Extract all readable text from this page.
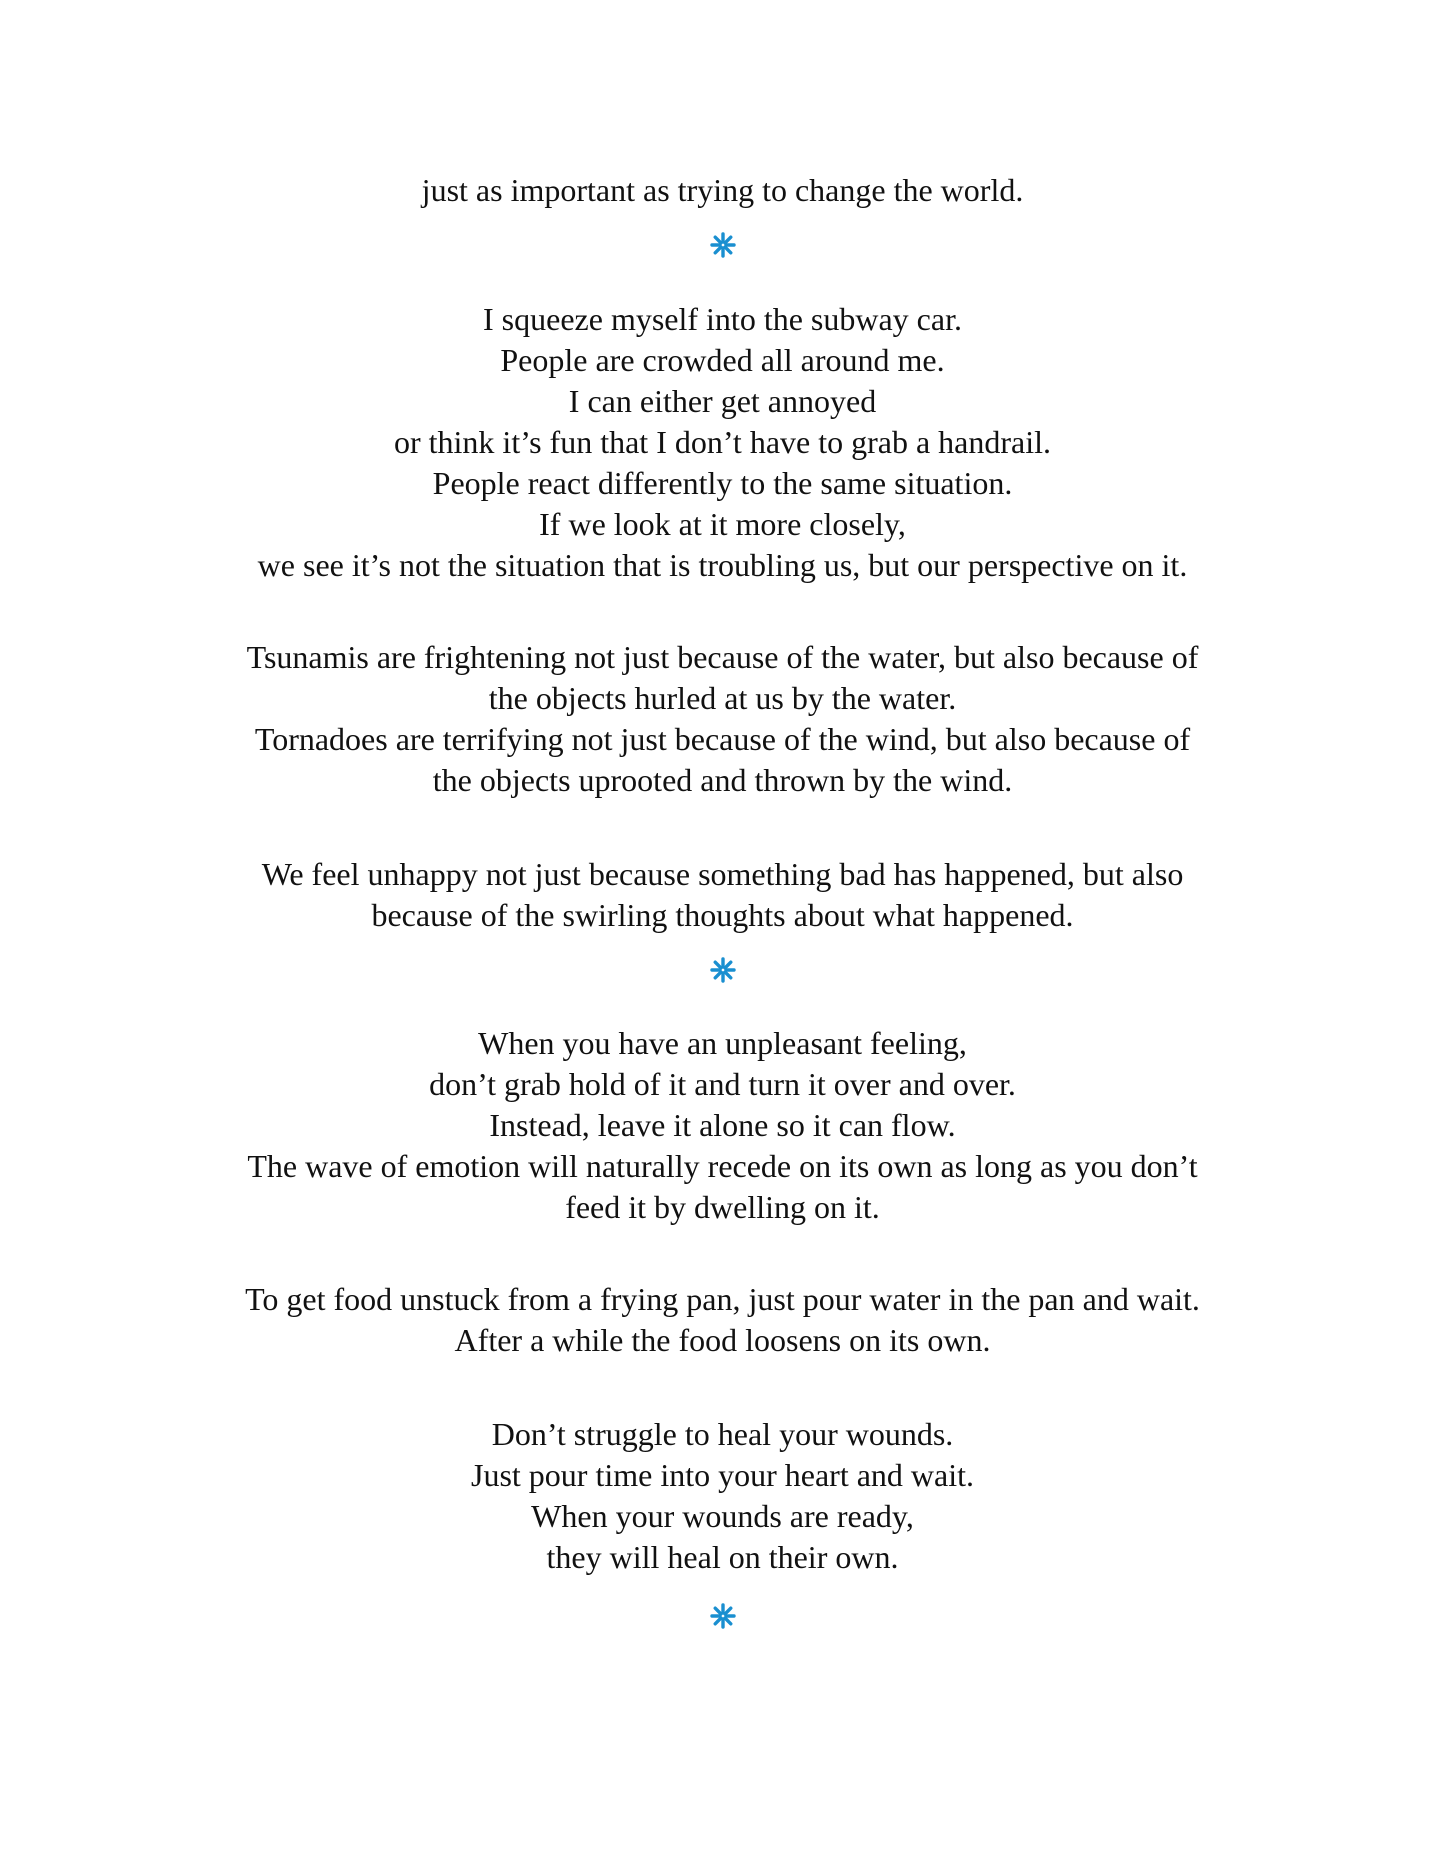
just as important as trying to change the world.
I squeeze myself into the subway car.
People are crowded all around me.
I can either get annoyed
or think it’s fun that I don’t have to grab a handrail.
People react differently to the same situation.
If we look at it more closely,
we see it’s not the situation that is troubling us, but our perspective on it.
Tsunamis are frightening not just because of the water, but also because of
the objects hurled at us by the water.
Tornadoes are terrifying not just because of the wind, but also because of
the objects uprooted and thrown by the wind.
We feel unhappy not just because something bad has happened, but also
because of the swirling thoughts about what happened.
When you have an unpleasant feeling,
don’t grab hold of it and turn it over and over.
Instead, leave it alone so it can flow.
The wave of emotion will naturally recede on its own as long as you don’t
feed it by dwelling on it.
To get food unstuck from a frying pan, just pour water in the pan and wait.
After a while the food loosens on its own.
Don’t struggle to heal your wounds.
Just pour time into your heart and wait.
When your wounds are ready,
they will heal on their own.
